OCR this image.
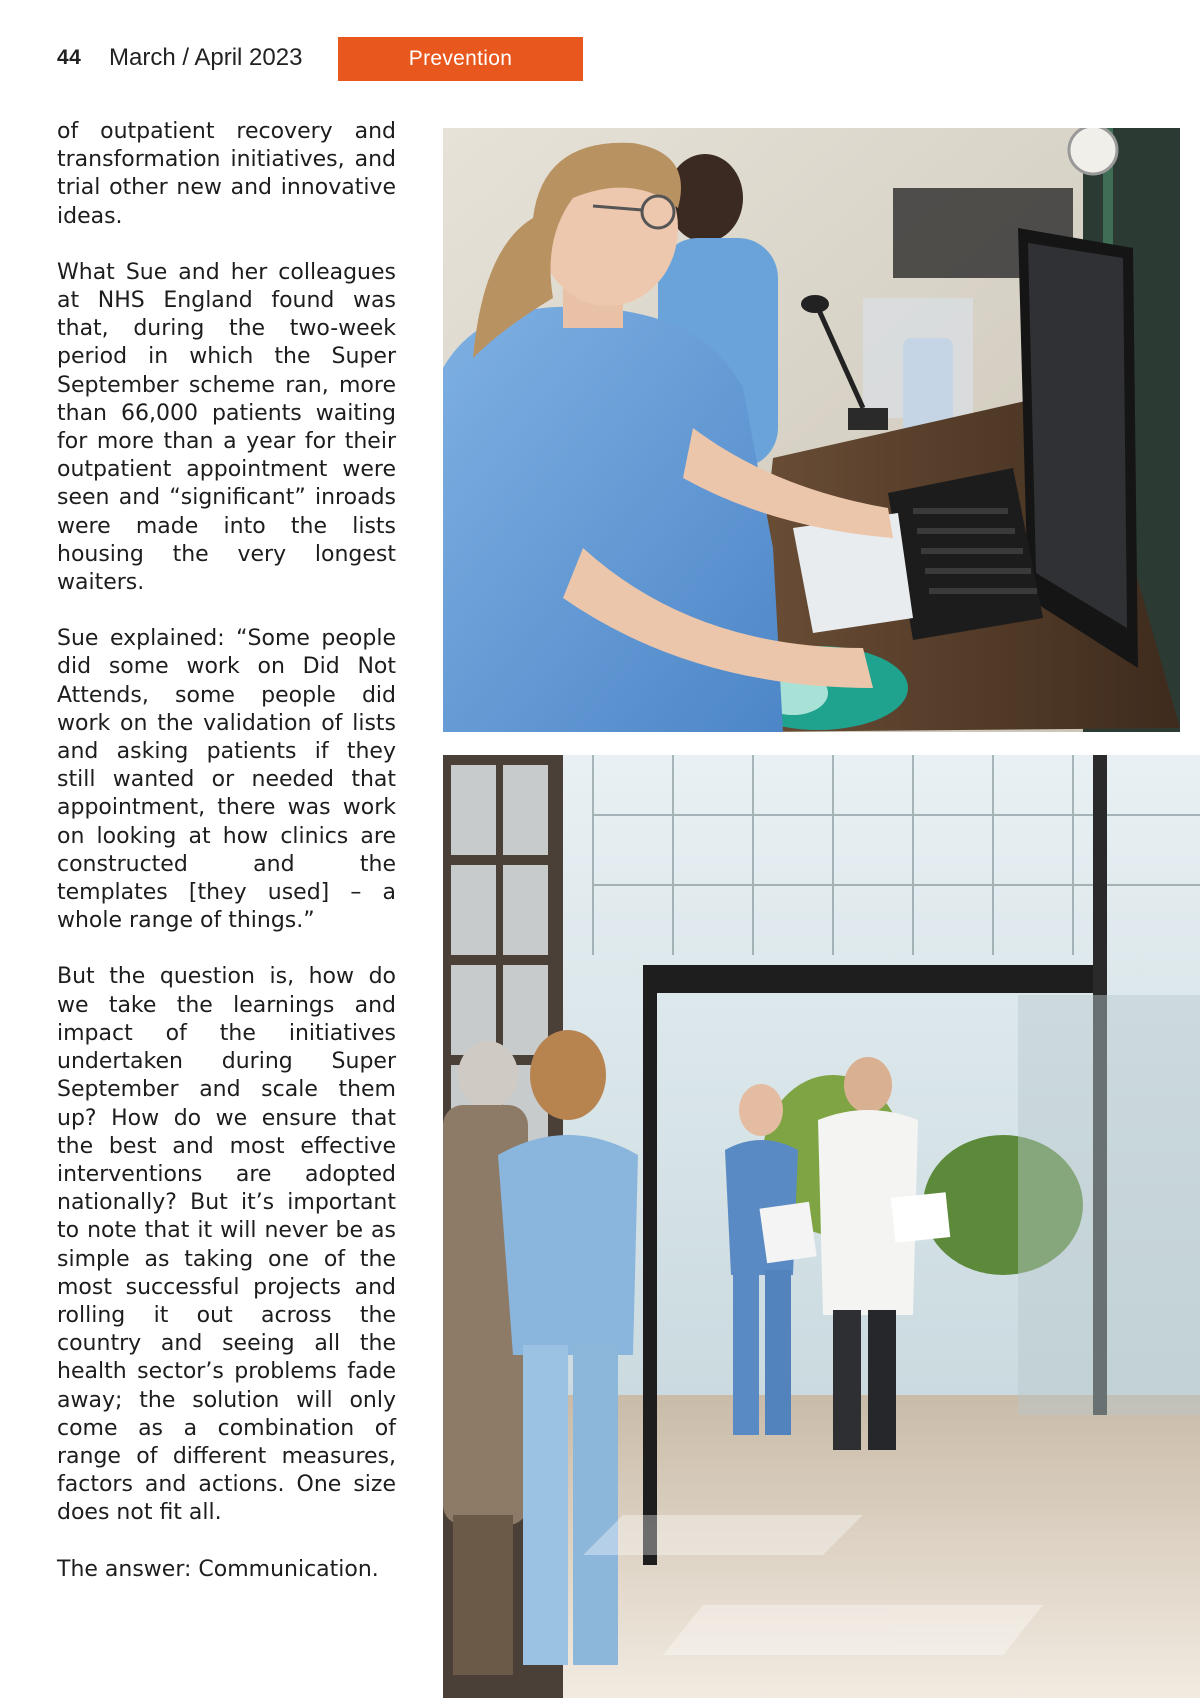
44 March / April 2023	Prevention

of outpatient recovery and transformation initiatives, and trial other new and innovative ideas.

What Sue and her colleagues at NHS England found was that, during the two-week period in which the Super September scheme ran, more than 66,000 patients waiting for more than a year for their outpatient appointment were seen and “significant” inroads were made into the lists housing the very longest waiters.

Sue explained: “Some people did some work on Did Not Attends, some people did work on the validation of lists and asking patients if they still wanted or needed that appointment, there was work on looking at how clinics are constructed and the templates [they used] – a whole range of things.”

But the question is, how do we take the learnings and impact of the initiatives undertaken during Super September and scale them up? How do we ensure that the best and most effective interventions are adopted nationally? But it’s important to note that it will never be as simple as taking one of the most successful projects and rolling it out across the country and seeing all the health sector’s problems fade away; the solution will only come as a combination of range of different measures, factors and actions. One size does not fit all.

The answer: Communication.
